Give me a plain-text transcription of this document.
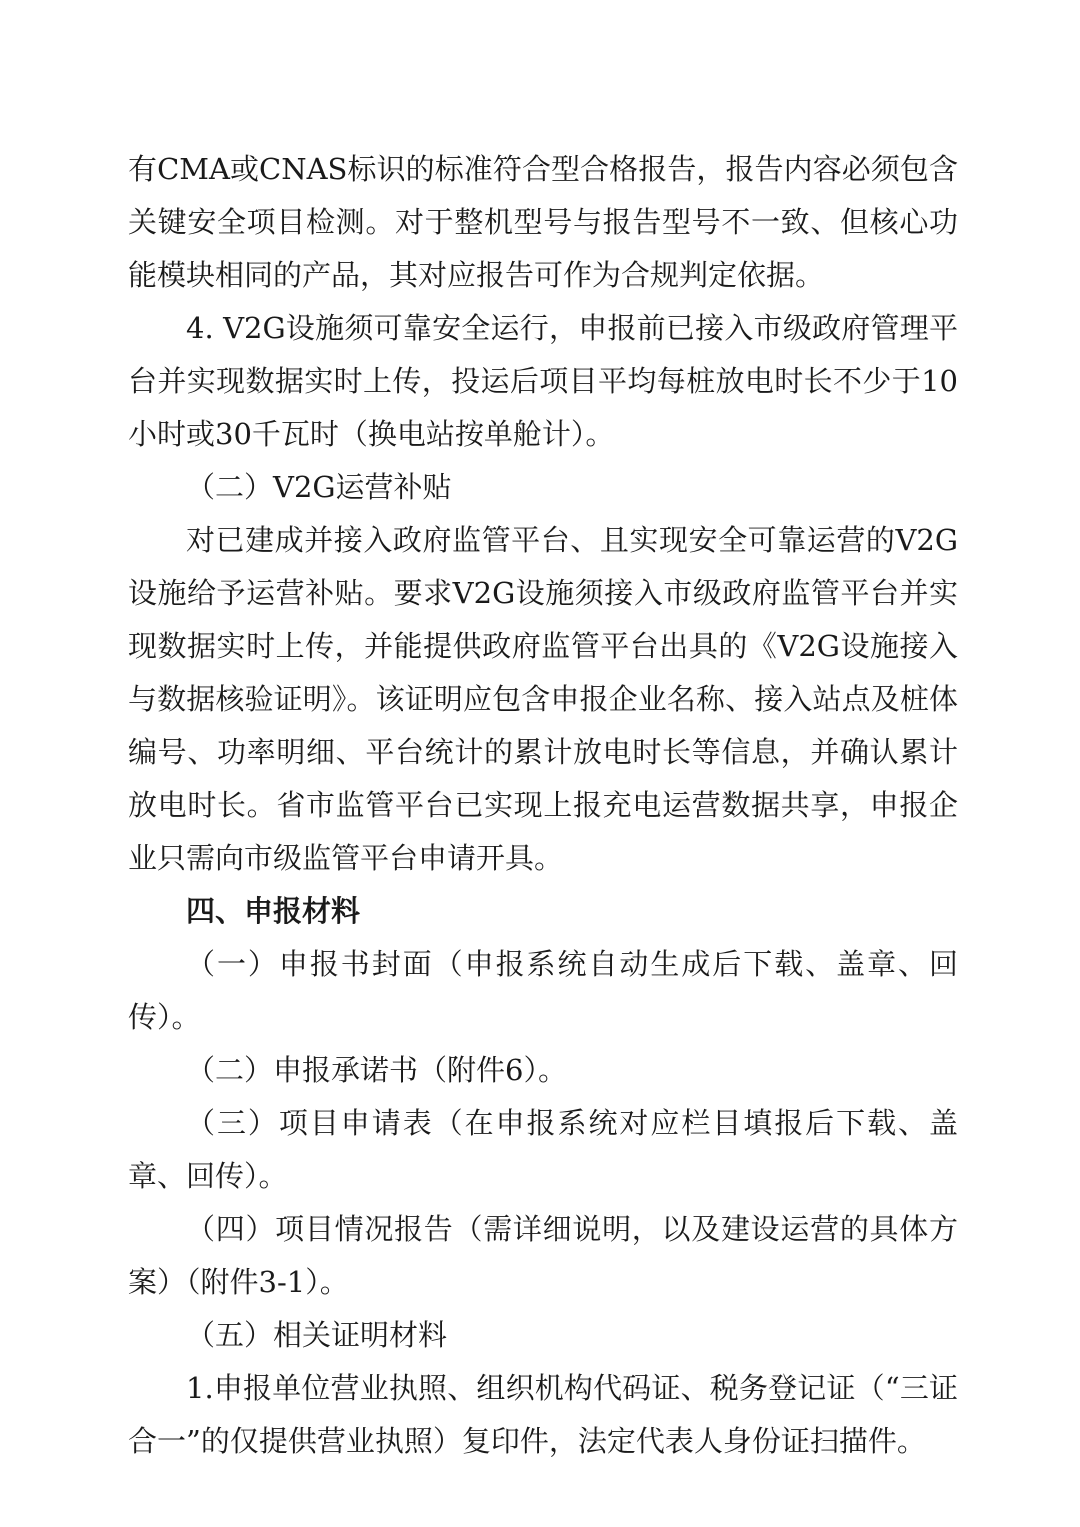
有CMA或CNAS标识的标准符合型合格报告，报告内容必须包含关键安全项目检测。对于整机型号与报告型号不一致、但核心功能模块相同的产品，其对应报告可作为合规判定依据。

4. V2G设施须可靠安全运行，申报前已接入市级政府管理平台并实现数据实时上传，投运后项目平均每桩放电时长不少于10小时或30千瓦时（换电站按单舱计）。

（二）V2G运营补贴

对已建成并接入政府监管平台、且实现安全可靠运营的V2G设施给予运营补贴。要求V2G设施须接入市级政府监管平台并实现数据实时上传，并能提供政府监管平台出具的《V2G设施接入与数据核验证明》。该证明应包含申报企业名称、接入站点及桩体编号、功率明细、平台统计的累计放电时长等信息，并确认累计放电时长。省市监管平台已实现上报充电运营数据共享，申报企业只需向市级监管平台申请开具。

四、申报材料

（一）申报书封面（申报系统自动生成后下载、盖章、回传）。

（二）申报承诺书（附件6）。

（三）项目申请表（在申报系统对应栏目填报后下载、盖章、回传）。

（四）项目情况报告（需详细说明，以及建设运营的具体方案）（附件3-1）。

（五）相关证明材料

1.申报单位营业执照、组织机构代码证、税务登记证（“三证合一”的仅提供营业执照）复印件，法定代表人身份证扫描件。
